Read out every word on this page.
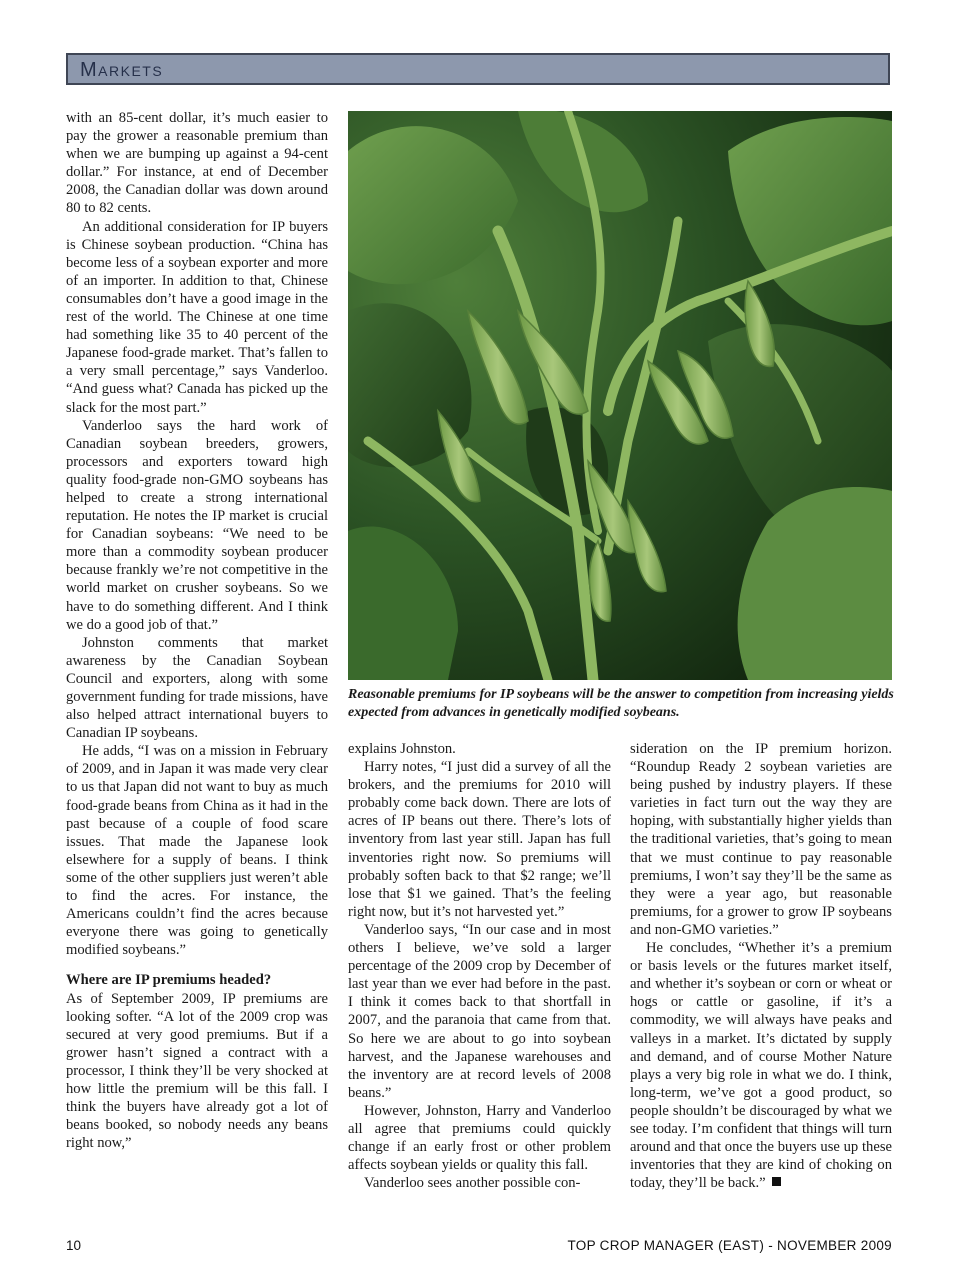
Markets

with an 85-cent dollar, it’s much easier to pay the grower a reasonable premium than when we are bumping up against a 94-cent dollar.” For instance, at end of December 2008, the Canadian dollar was down around 80 to 82 cents.

An additional consideration for IP buyers is Chinese soybean production. “China has become less of a soybean exporter and more of an importer. In addition to that, Chinese consumables don’t have a good image in the rest of the world. The Chinese at one time had something like 35 to 40 percent of the Japanese food-grade market. That’s fallen to a very small percentage,” says Vanderloo. “And guess what? Canada has picked up the slack for the most part.”

Vanderloo says the hard work of Canadian soybean breeders, growers, processors and exporters toward high quality food-grade non-GMO soybeans has helped to create a strong international reputation. He notes the IP market is crucial for Canadian soybeans: “We need to be more than a commodity soybean producer because frankly we’re not competitive in the world market on crusher soybeans. So we have to do something different. And I think we do a good job of that.”

Johnston comments that market awareness by the Canadian Soybean Council and exporters, along with some government funding for trade missions, have also helped attract international buyers to Canadian IP soybeans.

He adds, “I was on a mission in February of 2009, and in Japan it was made very clear to us that Japan did not want to buy as much food-grade beans from China as it had in the past because of a couple of food scare issues. That made the Japanese look elsewhere for a supply of beans. I think some of the other suppliers just weren’t able to find the acres. For instance, the Americans couldn’t find the acres because everyone there was going to genetically modified soybeans.”

Where are IP premiums headed?

As of September 2009, IP premiums are looking softer. “A lot of the 2009 crop was secured at very good premiums. But if a grower hasn’t signed a contract with a processor, I think they’ll be very shocked at how little the premium will be this fall. I think the buyers have already got a lot of beans booked, so nobody needs any beans right now,”

Reasonable premiums for IP soybeans will be the answer to competition from increasing yields expected from advances in genetically modified soybeans.

explains Johnston.

Harry notes, “I just did a survey of all the brokers, and the premiums for 2010 will probably come back down. There are lots of acres of IP beans out there. There’s lots of inventory from last year still. Japan has full inventories right now. So premiums will probably soften back to that $2 range; we’ll lose that $1 we gained. That’s the feeling right now, but it’s not harvested yet.”

Vanderloo says, “In our case and in most others I believe, we’ve sold a larger percentage of the 2009 crop by December of last year than we ever had before in the past. I think it comes back to that shortfall in 2007, and the paranoia that came from that. So here we are about to go into soybean harvest, and the Japanese warehouses and the inventory are at record levels of 2008 beans.”

However, Johnston, Harry and Vanderloo all agree that premiums could quickly change if an early frost or other problem affects soybean yields or quality this fall.

Vanderloo sees another possible con-

sideration on the IP premium horizon. “Roundup Ready 2 soybean varieties are being pushed by industry players. If these varieties in fact turn out the way they are hoping, with substantially higher yields than the traditional varieties, that’s going to mean that we must continue to pay reasonable premiums, I won’t say they’ll be the same as they were a year ago, but reasonable premiums, for a grower to grow IP soybeans and non-GMO varieties.”

He concludes, “Whether it’s a premium or basis levels or the futures market itself, and whether it’s soybean or corn or wheat or hogs or cattle or gasoline, if it’s a commodity, we will always have peaks and valleys in a market. It’s dictated by supply and demand, and of course Mother Nature plays a very big role in what we do. I think, long-term, we’ve got a good product, so people shouldn’t be discouraged by what we see today. I’m confident that things will turn around and that once the buyers use up these inventories that they are kind of choking on today, they’ll be back.”

10	TOP CROP MANAGER (EAST) - NOVEMBER 2009
